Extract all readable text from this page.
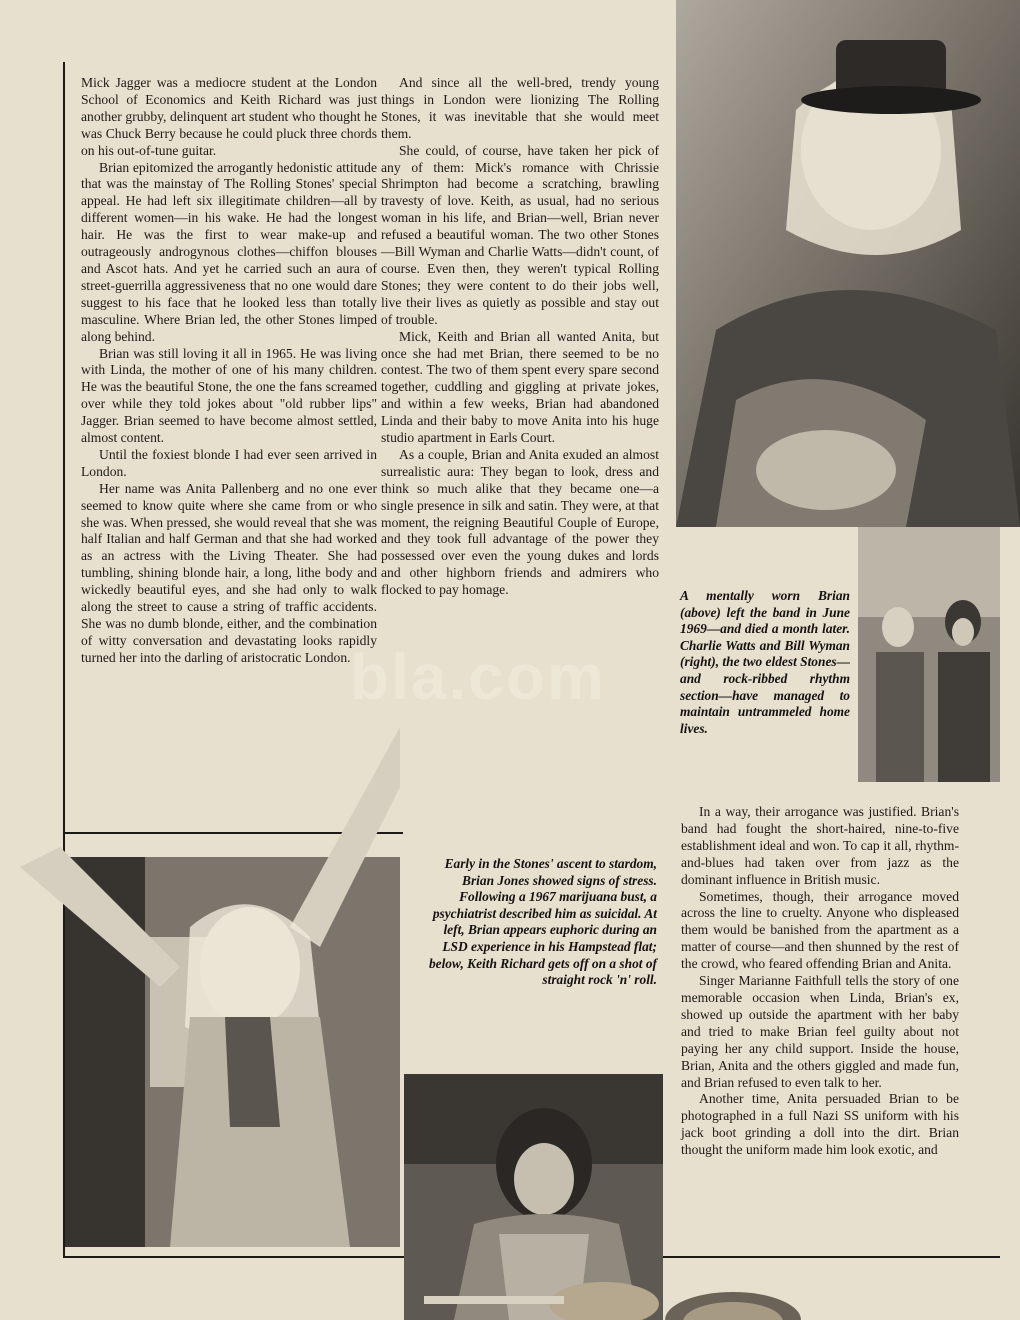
Mick Jagger was a mediocre student at the London School of Economics and Keith Richard was just another grubby, delinquent art student who thought he was Chuck Berry because he could pluck three chords on his out-of-tune guitar.

Brian epitomized the arrogantly hedonistic attitude that was the mainstay of The Rolling Stones' special appeal. He had left six illegitimate children—all by different women—in his wake. He had the longest hair. He was the first to wear make-up and outrageously androgynous clothes—chiffon blouses and Ascot hats. And yet he carried such an aura of street-guerrilla aggressiveness that no one would dare suggest to his face that he looked less than totally masculine. Where Brian led, the other Stones limped along behind.

Brian was still loving it all in 1965. He was living with Linda, the mother of one of his many children. He was the beautiful Stone, the one the fans screamed over while they told jokes about "old rubber lips" Jagger. Brian seemed to have become almost settled, almost content.

Until the foxiest blonde I had ever seen arrived in London.

Her name was Anita Pallenberg and no one ever seemed to know quite where she came from or who she was. When pressed, she would reveal that she was half Italian and half German and that she had worked as an actress with the Living Theater. She had tumbling, shining blonde hair, a long, lithe body and wickedly beautiful eyes, and she had only to walk along the street to cause a string of traffic accidents. She was no dumb blonde, either, and the combination of witty conversation and devastating looks rapidly turned her into the darling of aristocratic London.

And since all the well-bred, trendy young things in London were lionizing The Rolling Stones, it was inevitable that she would meet them.

She could, of course, have taken her pick of any of them: Mick's romance with Chrissie Shrimpton had become a scratching, brawling travesty of love. Keith, as usual, had no serious woman in his life, and Brian—well, Brian never refused a beautiful woman. The two other Stones—Bill Wyman and Charlie Watts—didn't count, of course. Even then, they weren't typical Rolling Stones; they were content to do their jobs well, live their lives as quietly as possible and stay out of trouble.

Mick, Keith and Brian all wanted Anita, but once she had met Brian, there seemed to be no contest. The two of them spent every spare second together, cuddling and giggling at private jokes, and within a few weeks, Brian had abandoned Linda and their baby to move Anita into his huge studio apartment in Earls Court.

As a couple, Brian and Anita exuded an almost surrealistic aura: They began to look, dress and think so much alike that they became one—a single presence in silk and satin. They were, at that moment, the reigning Beautiful Couple of Europe, and they took full advantage of the power they possessed over even the young dukes and lords and other highborn friends and admirers who flocked to pay homage.	A mentally worn Brian (above) left the band in June 1969—and died a month later. Charlie Watts and Bill Wyman (right), the two eldest Stones—and rock-ribbed rhythm section—have managed to maintain untrammeled home lives.

In a way, their arrogance was justified. Brian's band had fought the short-haired, nine-to-five establishment ideal and won. To cap it all, rhythm-and-blues had taken over from jazz as the dominant influence in British music.

Sometimes, though, their arrogance moved across the line to cruelty. Anyone who displeased them would be banished from the apartment as a matter of course—and then shunned by the rest of the crowd, who feared offending Brian and Anita.

Singer Marianne Faithfull tells the story of one memorable occasion when Linda, Brian's ex, showed up outside the apartment with her baby and tried to make Brian feel guilty about not paying her any child support. Inside the house, Brian, Anita and the others giggled and made fun, and Brian refused to even talk to her.

Another time, Anita persuaded Brian to be photographed in a full Nazi SS uniform with his jack boot grinding a doll into the dirt. Brian thought the uniform made him look exotic, and

Early in the Stones' ascent to stardom, Brian Jones showed signs of stress. Following a 1967 marijuana bust, a psychiatrist described him as suicidal. At left, Brian appears euphoric during an LSD experience in his Hampstead flat; below, Keith Richard gets off on a shot of straight rock 'n' roll.
bla.com
